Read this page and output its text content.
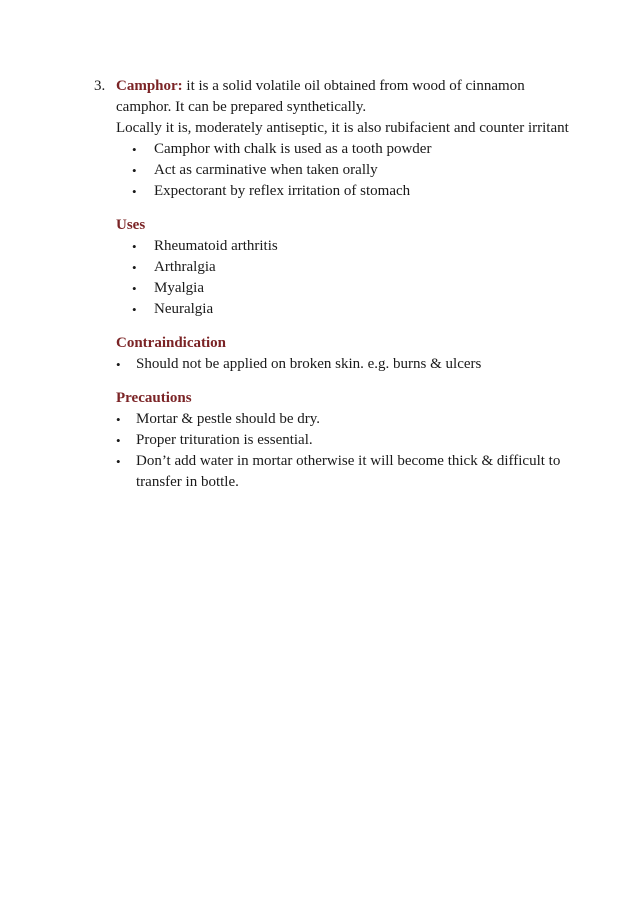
3. Camphor: it is a solid volatile oil obtained from wood of cinnamon camphor. It can be prepared synthetically.

Locally it is, moderately antiseptic, it is also rubifacient and counter irritant

• Camphor with chalk is used as a tooth powder
• Act as carminative when taken orally
• Expectorant by reflex irritation of stomach

Uses

• Rheumatoid arthritis
• Arthralgia
• Myalgia
• Neuralgia

Contraindication

• Should not be applied on broken skin. e.g. burns & ulcers

Precautions

• Mortar & pestle should be dry.
• Proper trituration is essential.
• Don’t add water in mortar otherwise it will become thick & difficult to transfer in bottle.
